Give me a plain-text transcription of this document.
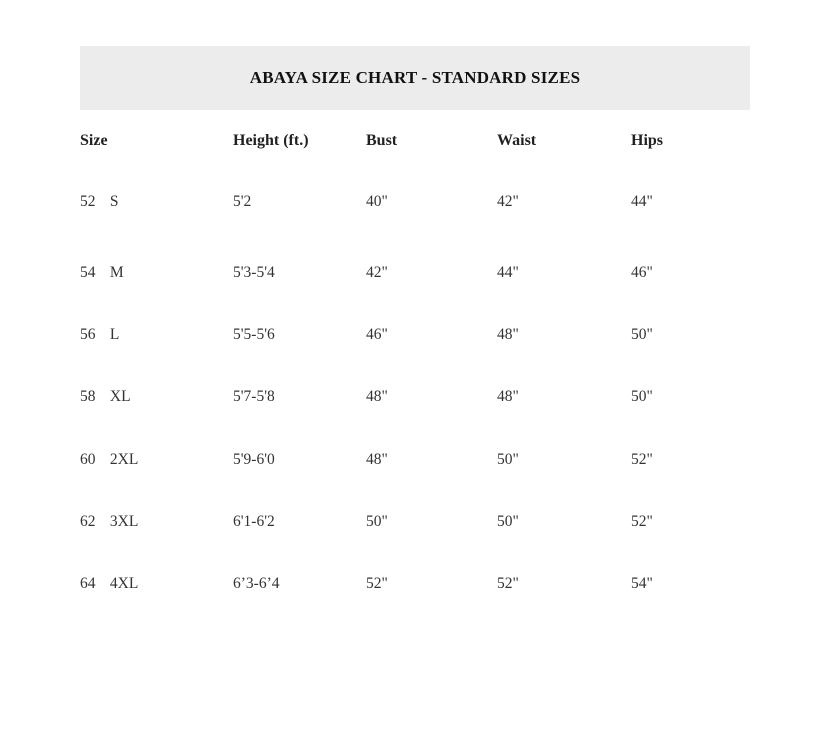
ABAYA SIZE CHART - STANDARD SIZES
Size	Height (ft.)	Bust	Waist	Hips
52 S	5'2	40"	42"	44"
54 M	5'3-5'4	42"	44"	46"
56 L	5'5-5'6	46"	48"	50"
58 XL	5'7-5'8	48"	48"	50"
60 2XL	5'9-6'0	48"	50"	52"
62 3XL	6'1-6'2	50"	50"	52"
64 4XL	6’3-6’4	52"	52"	54"
